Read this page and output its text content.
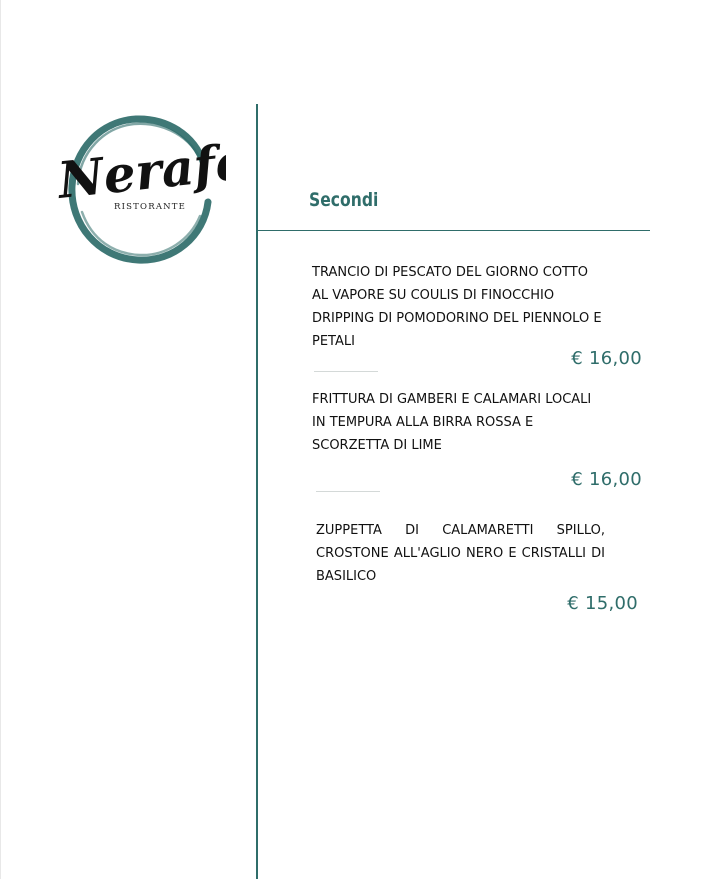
Nerafé
RISTORANTE	Secondi
TRANCIO DI PESCATO DEL GIORNO COTTO AL VAPORE SU COULIS DI FINOCCHIO DRIPPING DI POMODORINO DEL PIENNOLO E PETALI
€ 16,00
FRITTURA DI GAMBERI E CALAMARI LOCALI IN TEMPURA ALLA BIRRA ROSSA E SCORZETTA DI LIME
€ 16,00
ZUPPETTA DI CALAMARETTI SPILLO, CROSTONE ALL'AGLIO NERO E CRISTALLI DI BASILICO
€ 15,00
